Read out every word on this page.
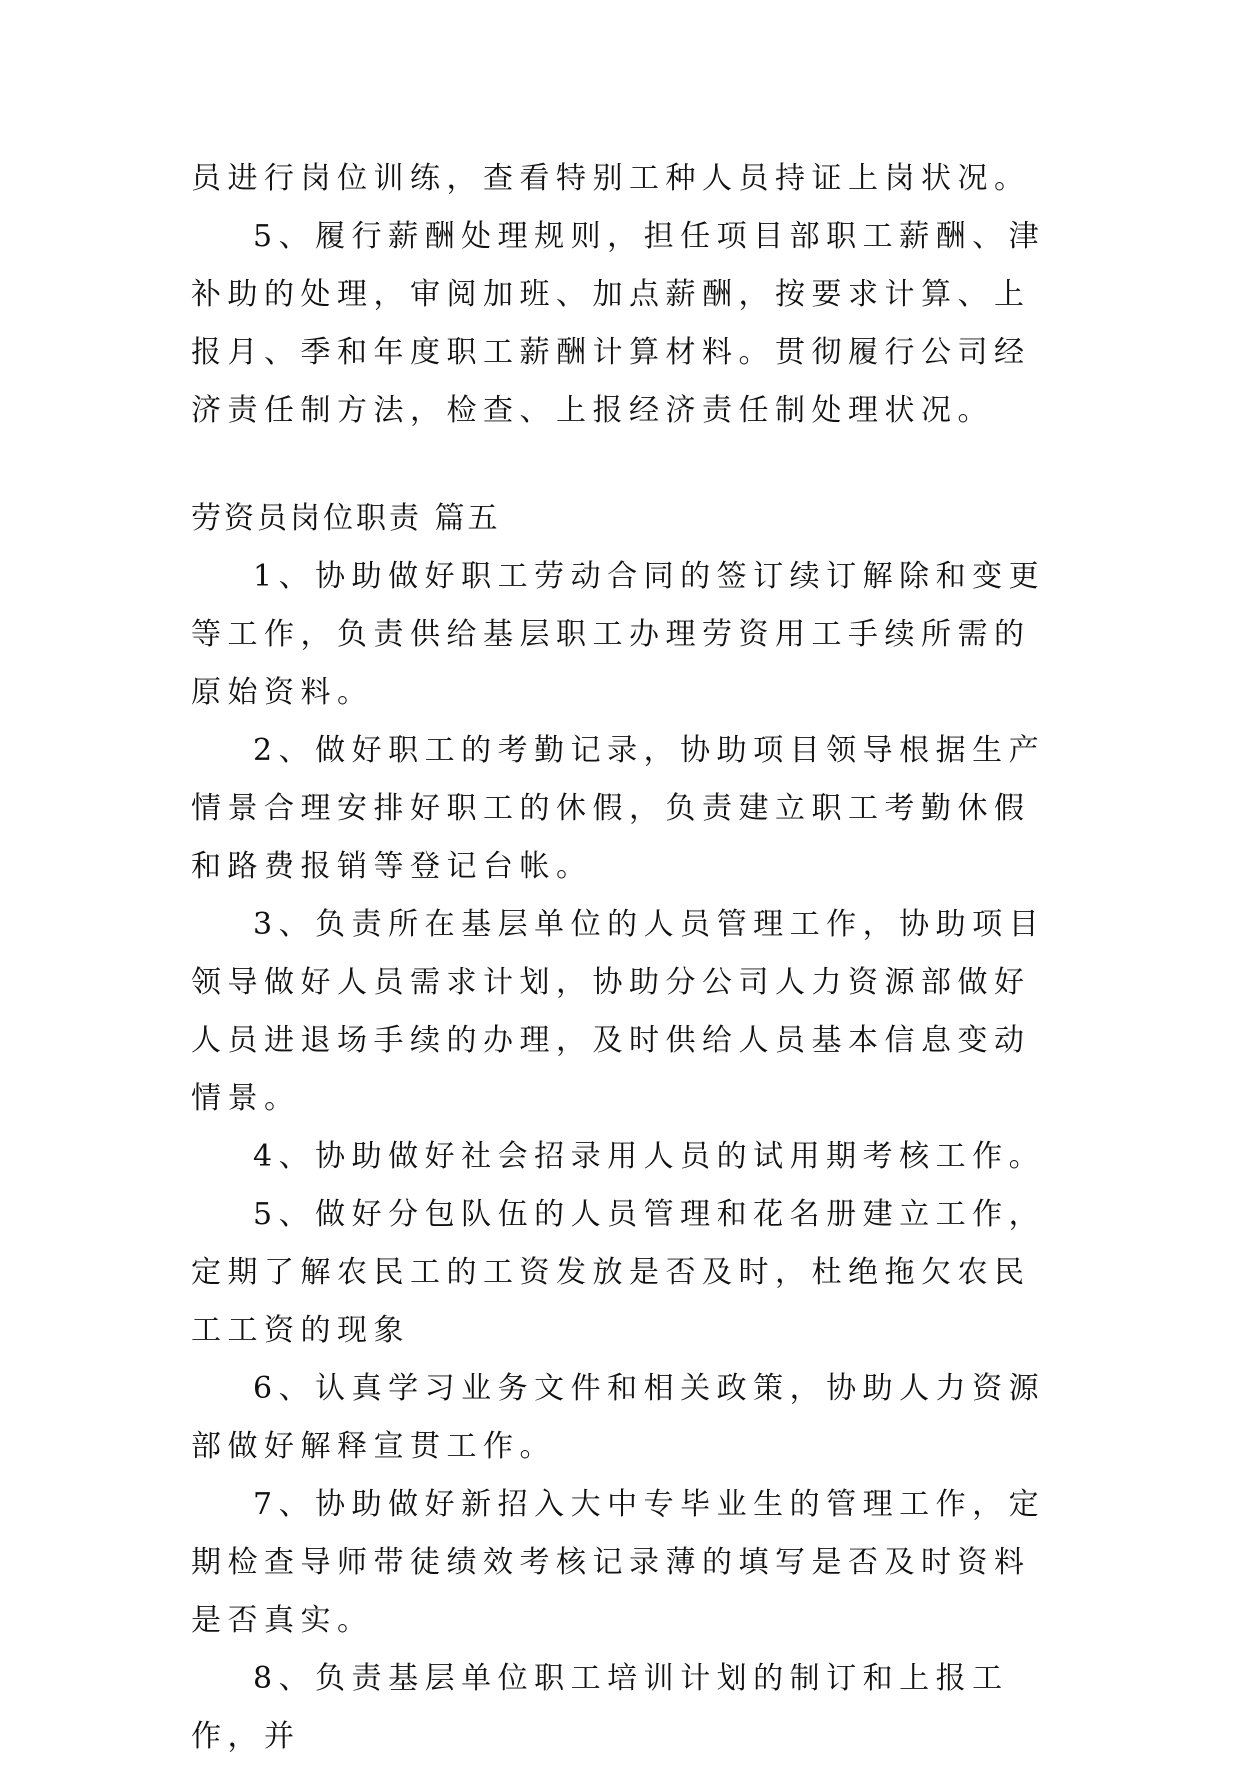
员进行岗位训练，查看特别工种人员持证上岗状况。

5、履行薪酬处理规则，担任项目部职工薪酬、津补助的处理，审阅加班、加点薪酬，按要求计算、上报月、季和年度职工薪酬计算材料。贯彻履行公司经济责任制方法，检查、上报经济责任制处理状况。

劳资员岗位职责 篇五

1、协助做好职工劳动合同的签订续订解除和变更等工作，负责供给基层职工办理劳资用工手续所需的原始资料。

2、做好职工的考勤记录，协助项目领导根据生产情景合理安排好职工的休假，负责建立职工考勤休假和路费报销等登记台帐。

3、负责所在基层单位的人员管理工作，协助项目领导做好人员需求计划，协助分公司人力资源部做好人员进退场手续的办理，及时供给人员基本信息变动情景。

4、协助做好社会招录用人员的试用期考核工作。

5、做好分包队伍的人员管理和花名册建立工作，定期了解农民工的工资发放是否及时，杜绝拖欠农民工工资的现象

6、认真学习业务文件和相关政策，协助人力资源部做好解释宣贯工作。

7、协助做好新招入大中专毕业生的管理工作，定期检查导师带徒绩效考核记录薄的填写是否及时资料是否真实。

8、负责基层单位职工培训计划的制订和上报工作，并
